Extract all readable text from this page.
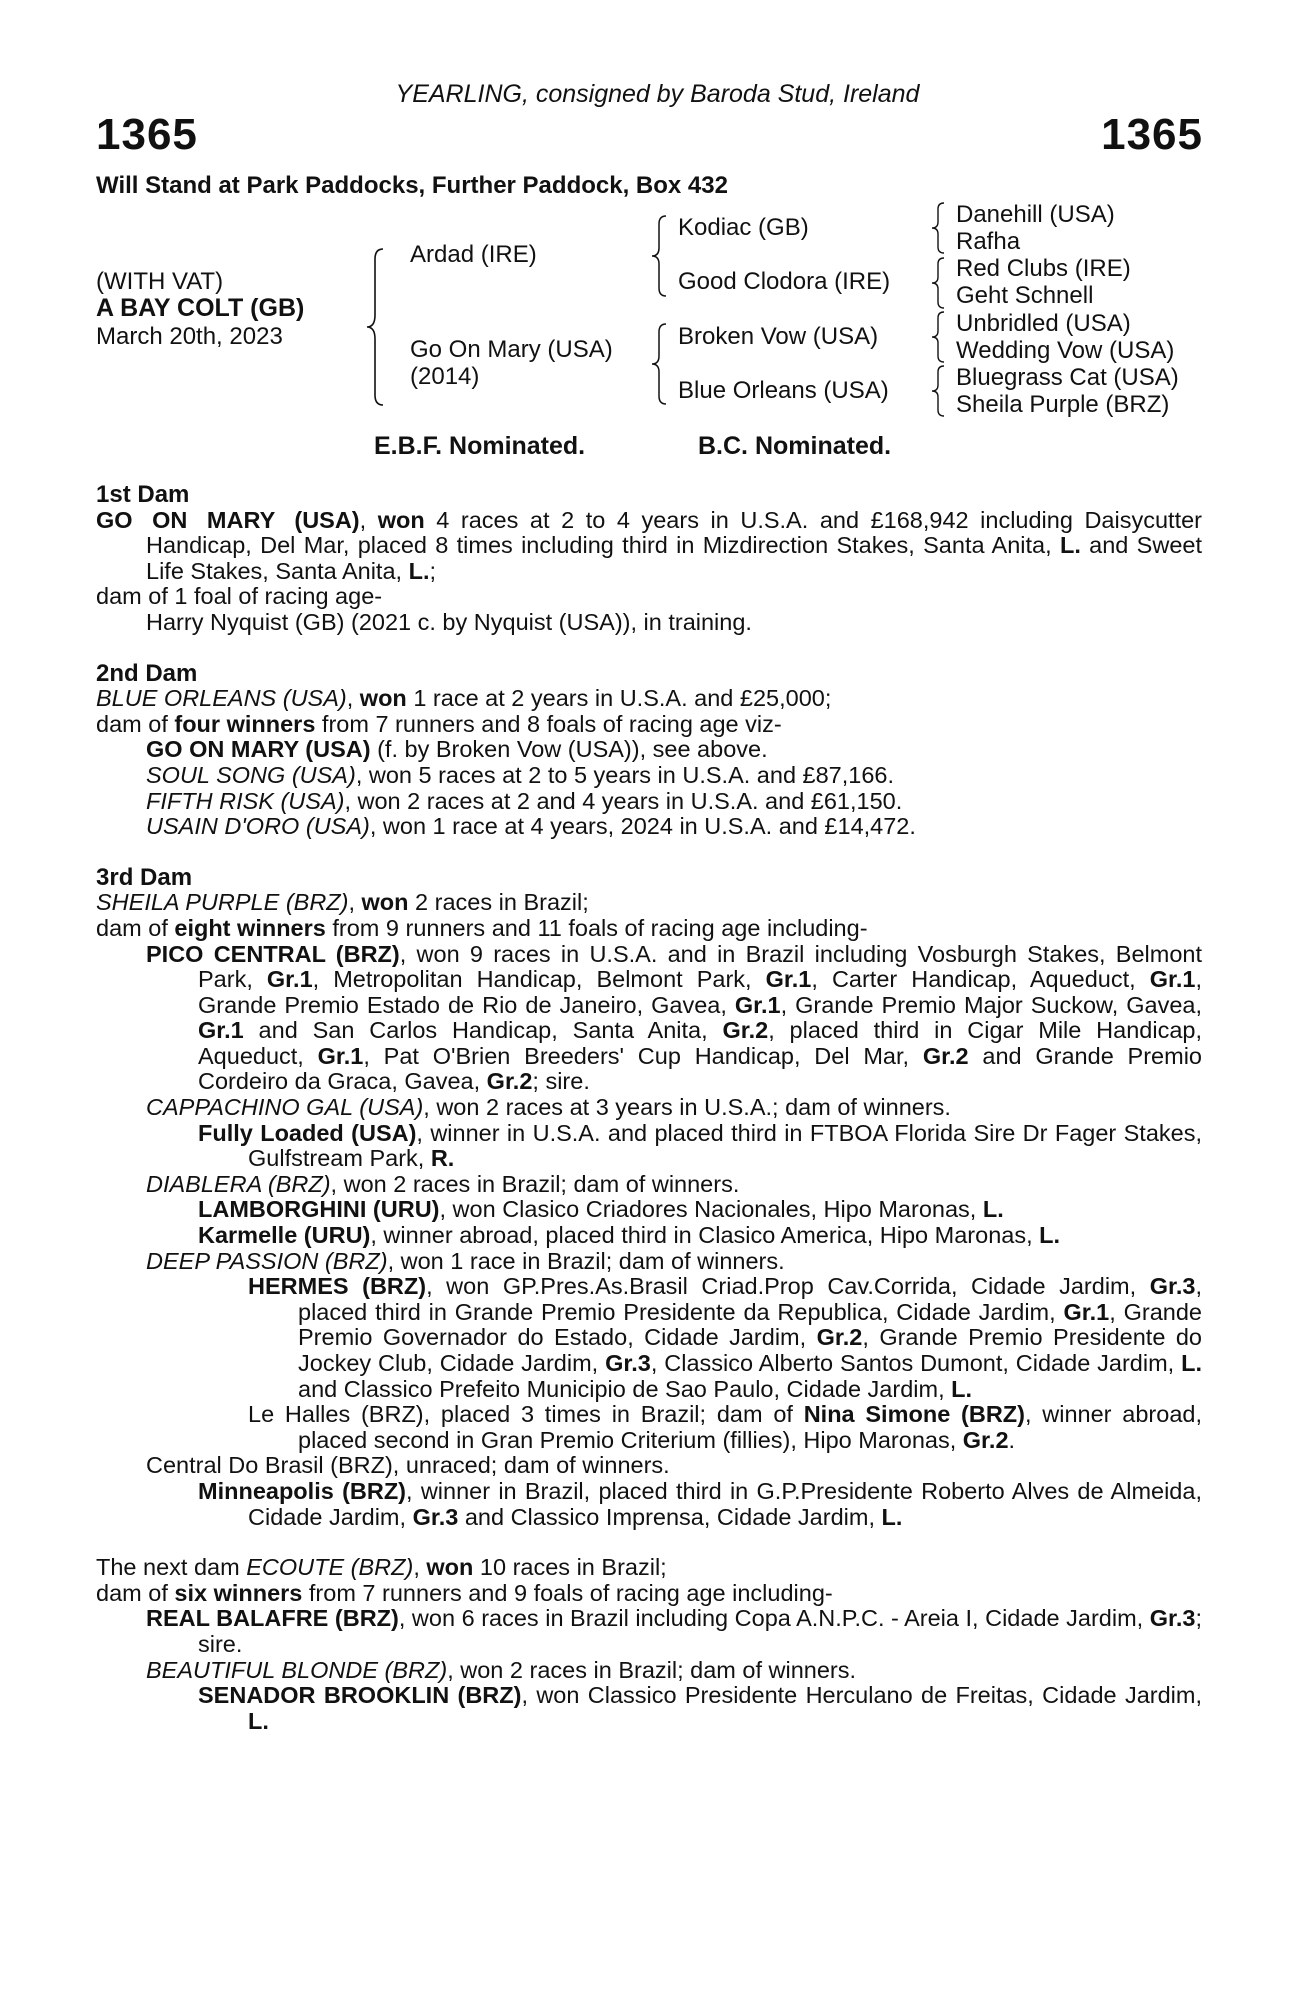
YEARLING, consigned by Baroda Stud, Ireland
1365	1365
Will Stand at Park Paddocks, Further Paddock, Box 432
(WITH VAT)
A BAY COLT (GB)
March 20th, 2023
Ardad (IRE)
Go On Mary (USA)
(2014)
Kodiac (GB)
Good Clodora (IRE)
Broken Vow (USA)
Blue Orleans (USA)
Danehill (USA)
Rafha
Red Clubs (IRE)
Geht Schnell
Unbridled (USA)
Wedding Vow (USA)
Bluegrass Cat (USA)
Sheila Purple (BRZ)
E.B.F. Nominated.	B.C. Nominated.

1st Dam

GO ON MARY (USA), won 4 races at 2 to 4 years in U.S.A. and £168,942 including Daisycutter Handicap, Del Mar, placed 8 times including third in Mizdirection Stakes, Santa Anita, L. and Sweet Life Stakes, Santa Anita, L.;

dam of 1 foal of racing age-

Harry Nyquist (GB) (2021 c. by Nyquist (USA)), in training.

2nd Dam

BLUE ORLEANS (USA), won 1 race at 2 years in U.S.A. and £25,000;

dam of four winners from 7 runners and 8 foals of racing age viz-

GO ON MARY (USA) (f. by Broken Vow (USA)), see above.

SOUL SONG (USA), won 5 races at 2 to 5 years in U.S.A. and £87,166.

FIFTH RISK (USA), won 2 races at 2 and 4 years in U.S.A. and £61,150.

USAIN D'ORO (USA), won 1 race at 4 years, 2024 in U.S.A. and £14,472.

3rd Dam

SHEILA PURPLE (BRZ), won 2 races in Brazil;

dam of eight winners from 9 runners and 11 foals of racing age including-

PICO CENTRAL (BRZ), won 9 races in U.S.A. and in Brazil including Vosburgh Stakes, Belmont Park, Gr.1, Metropolitan Handicap, Belmont Park, Gr.1, Carter Handicap, Aqueduct, Gr.1, Grande Premio Estado de Rio de Janeiro, Gavea, Gr.1, Grande Premio Major Suckow, Gavea, Gr.1 and San Carlos Handicap, Santa Anita, Gr.2, placed third in Cigar Mile Handicap, Aqueduct, Gr.1, Pat O'Brien Breeders' Cup Handicap, Del Mar, Gr.2 and Grande Premio Cordeiro da Graca, Gavea, Gr.2; sire.

CAPPACHINO GAL (USA), won 2 races at 3 years in U.S.A.; dam of winners.

Fully Loaded (USA), winner in U.S.A. and placed third in FTBOA Florida Sire Dr Fager Stakes, Gulfstream Park, R.

DIABLERA (BRZ), won 2 races in Brazil; dam of winners.

LAMBORGHINI (URU), won Clasico Criadores Nacionales, Hipo Maronas, L.

Karmelle (URU), winner abroad, placed third in Clasico America, Hipo Maronas, L.

DEEP PASSION (BRZ), won 1 race in Brazil; dam of winners.

HERMES (BRZ), won GP.Pres.As.Brasil Criad.Prop Cav.Corrida, Cidade Jardim, Gr.3, placed third in Grande Premio Presidente da Republica, Cidade Jardim, Gr.1, Grande Premio Governador do Estado, Cidade Jardim, Gr.2, Grande Premio Presidente do Jockey Club, Cidade Jardim, Gr.3, Classico Alberto Santos Dumont, Cidade Jardim, L. and Classico Prefeito Municipio de Sao Paulo, Cidade Jardim, L.

Le Halles (BRZ), placed 3 times in Brazil; dam of Nina Simone (BRZ), winner abroad, placed second in Gran Premio Criterium (fillies), Hipo Maronas, Gr.2.

Central Do Brasil (BRZ), unraced; dam of winners.

Minneapolis (BRZ), winner in Brazil, placed third in G.P.Presidente Roberto Alves de Almeida, Cidade Jardim, Gr.3 and Classico Imprensa, Cidade Jardim, L.

The next dam ECOUTE (BRZ), won 10 races in Brazil;

dam of six winners from 7 runners and 9 foals of racing age including-

REAL BALAFRE (BRZ), won 6 races in Brazil including Copa A.N.P.C. - Areia I, Cidade Jardim, Gr.3; sire.

BEAUTIFUL BLONDE (BRZ), won 2 races in Brazil; dam of winners.

SENADOR BROOKLIN (BRZ), won Classico Presidente Herculano de Freitas, Cidade Jardim, L.
